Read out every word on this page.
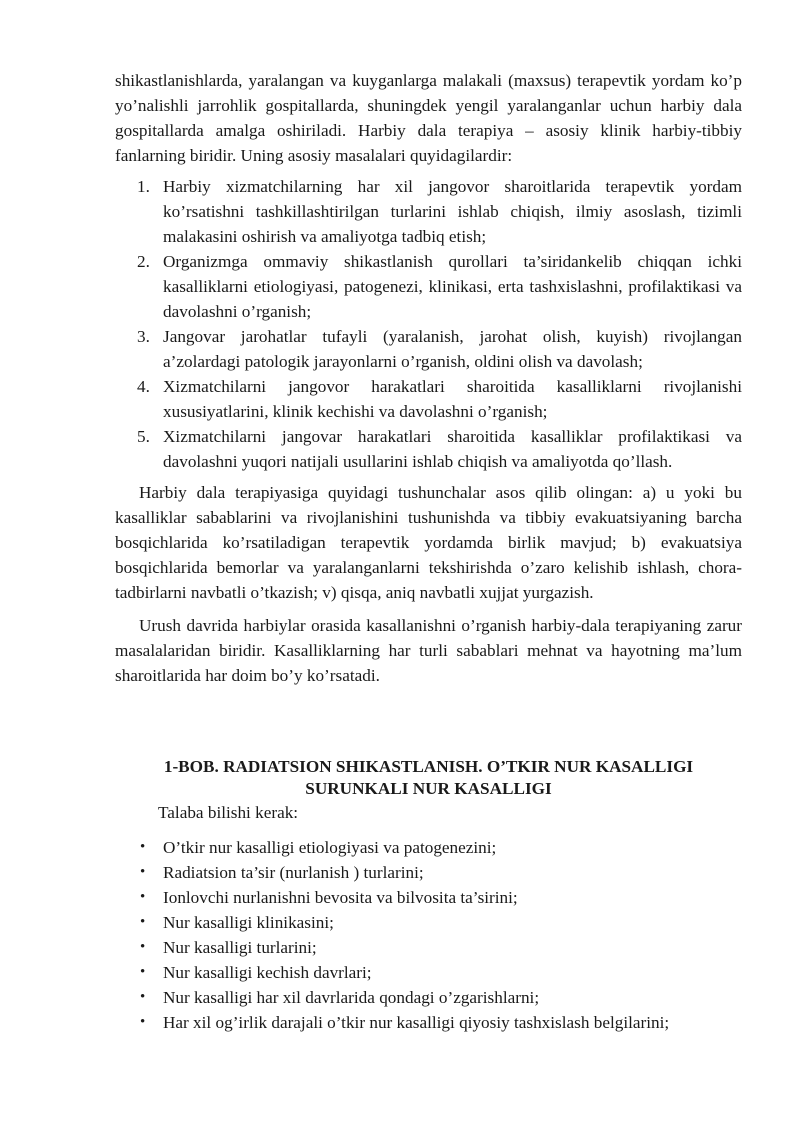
shikastlanishlarda, yaralangan va kuyganlarga malakali (maxsus) terapevtik yordam ko’p yo’nalishli jarrohlik gospitallarda, shuningdek yengil yaralanganlar uchun harbiy dala gospitallarda amalga oshiriladi. Harbiy dala terapiya – asosiy klinik harbiy-tibbiy fanlarning biridir. Uning asosiy masalalari quyidagilardir:

1. Harbiy xizmatchilarning har xil jangovor sharoitlarida terapevtik yordam ko’rsatishni tashkillashtirilgan turlarini ishlab chiqish, ilmiy asoslash, tizimli malakasini oshirish va amaliyotga tadbiq etish;
2. Organizmga ommaviy shikastlanish qurollari ta’siridankelib chiqqan ichki kasalliklarni etiologiyasi, patogenezi, klinikasi, erta tashxislashni, profilaktikasi va davolashni o’rganish;
3. Jangovar jarohatlar tufayli (yaralanish, jarohat olish, kuyish) rivojlangan a’zolardagi patologik jarayonlarni o’rganish, oldini olish va davolash;
4. Xizmatchilarni jangovor harakatlari sharoitida kasalliklarni rivojlanishi xususiyatlarini, klinik kechishi va davolashni o’rganish;
5. Xizmatchilarni jangovar harakatlari sharoitida kasalliklar profilaktikasi va davolashni yuqori natijali usullarini ishlab chiqish va amaliyotda qo’llash.

Harbiy dala terapiyasiga quyidagi tushunchalar asos qilib olingan: a) u yoki bu kasalliklar sabablarini va rivojlanishini tushunishda va tibbiy evakuatsiyaning barcha bosqichlarida ko’rsatiladigan terapevtik yordamda birlik mavjud; b) evakuatsiya bosqichlarida bemorlar va yaralanganlarni tekshirishda o’zaro kelishib ishlash, chora-tadbirlarni navbatli o’tkazish; v) qisqa, aniq navbatli xujjat yurgazish.

Urush davrida harbiylar orasida kasallanishni o’rganish harbiy-dala terapiyaning zarur masalalaridan biridir. Kasalliklarning har turli sabablari mehnat va hayotning ma’lum sharoitlarida har doim bo’y ko’rsatadi.

1-BOB. RADIATSION SHIKASTLANISH. O’TKIR NUR KASALLIGI SURUNKALI NUR KASALLIGI

Talaba bilishi kerak:

• O’tkir nur kasalligi etiologiyasi va patogenezini;
• Radiatsion ta’sir (nurlanish ) turlarini;
• Ionlovchi nurlanishni bevosita va bilvosita ta’sirini;
• Nur kasalligi klinikasini;
• Nur kasalligi turlarini;
• Nur kasalligi kechish davrlari;
• Nur kasalligi har xil davrlarida qondagi o’zgarishlarni;
• Har xil og’irlik darajali o’tkir nur kasalligi qiyosiy tashxislash belgilarini;
